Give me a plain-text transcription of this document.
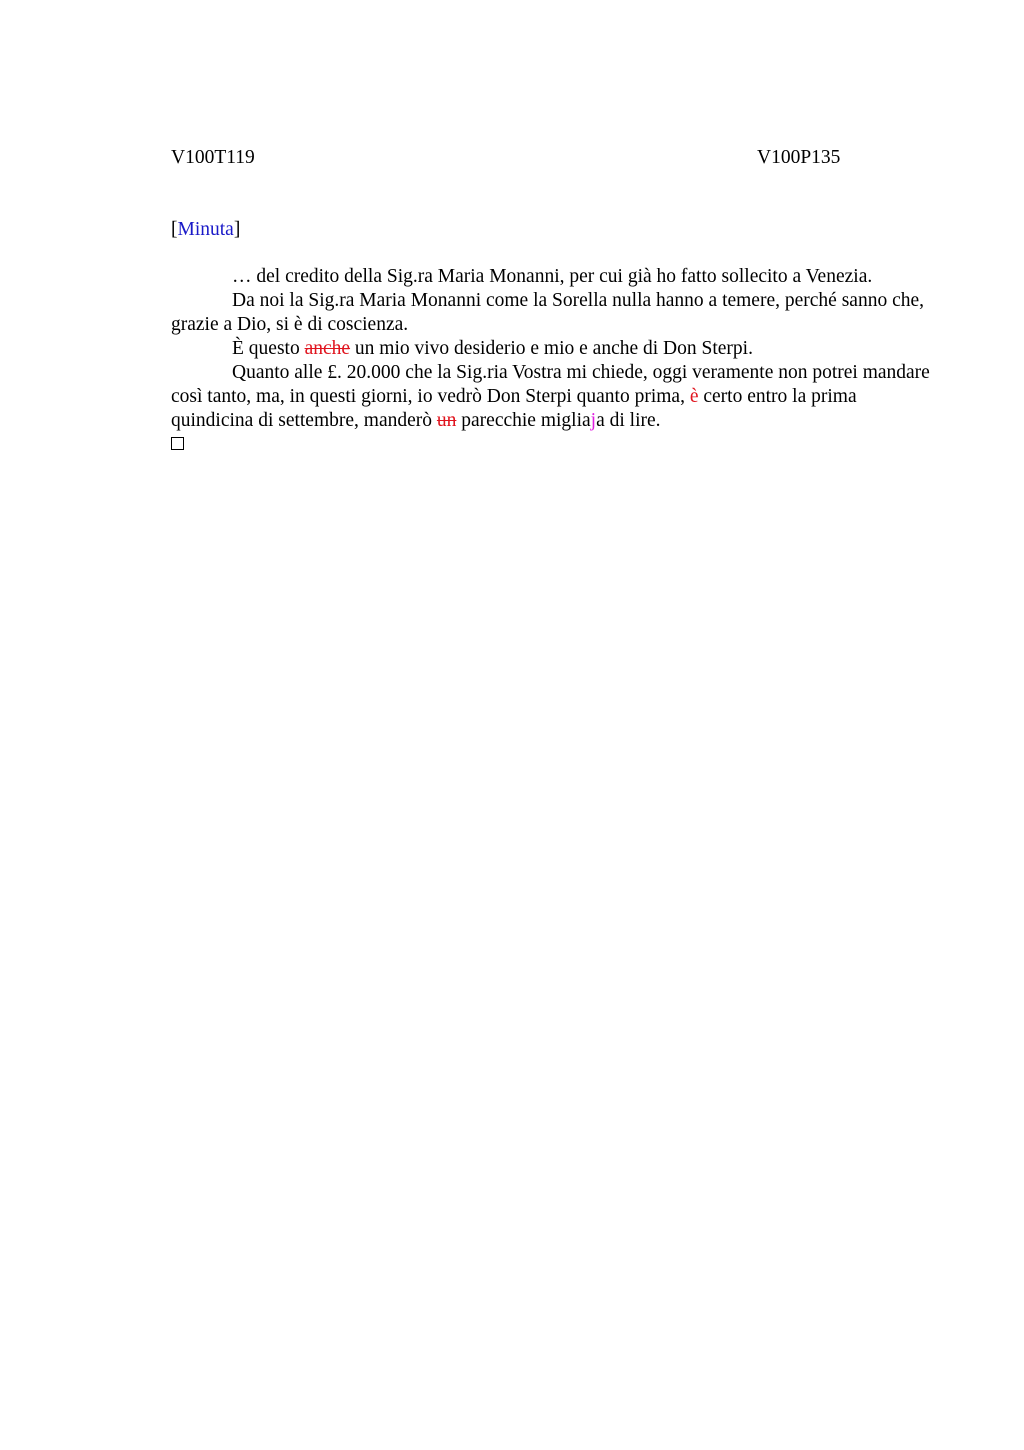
V100T119	V100P135
[Minuta]

… del credito della Sig.ra Maria Monanni, per cui già ho fatto sollecito a Venezia.

Da noi la Sig.ra Maria Monanni come la Sorella nulla hanno a temere, perché sanno che, grazie a Dio, si è di coscienza.

È questo anche un mio vivo desiderio e mio e anche di Don Sterpi.

Quanto alle £. 20.000 che la Sig.ria Vostra mi chiede, oggi veramente non potrei mandare così tanto, ma, in questi giorni, io vedrò Don Sterpi quanto prima, è certo entro la prima quindicina di settembre, manderò un parecchie migliaja di lire.
